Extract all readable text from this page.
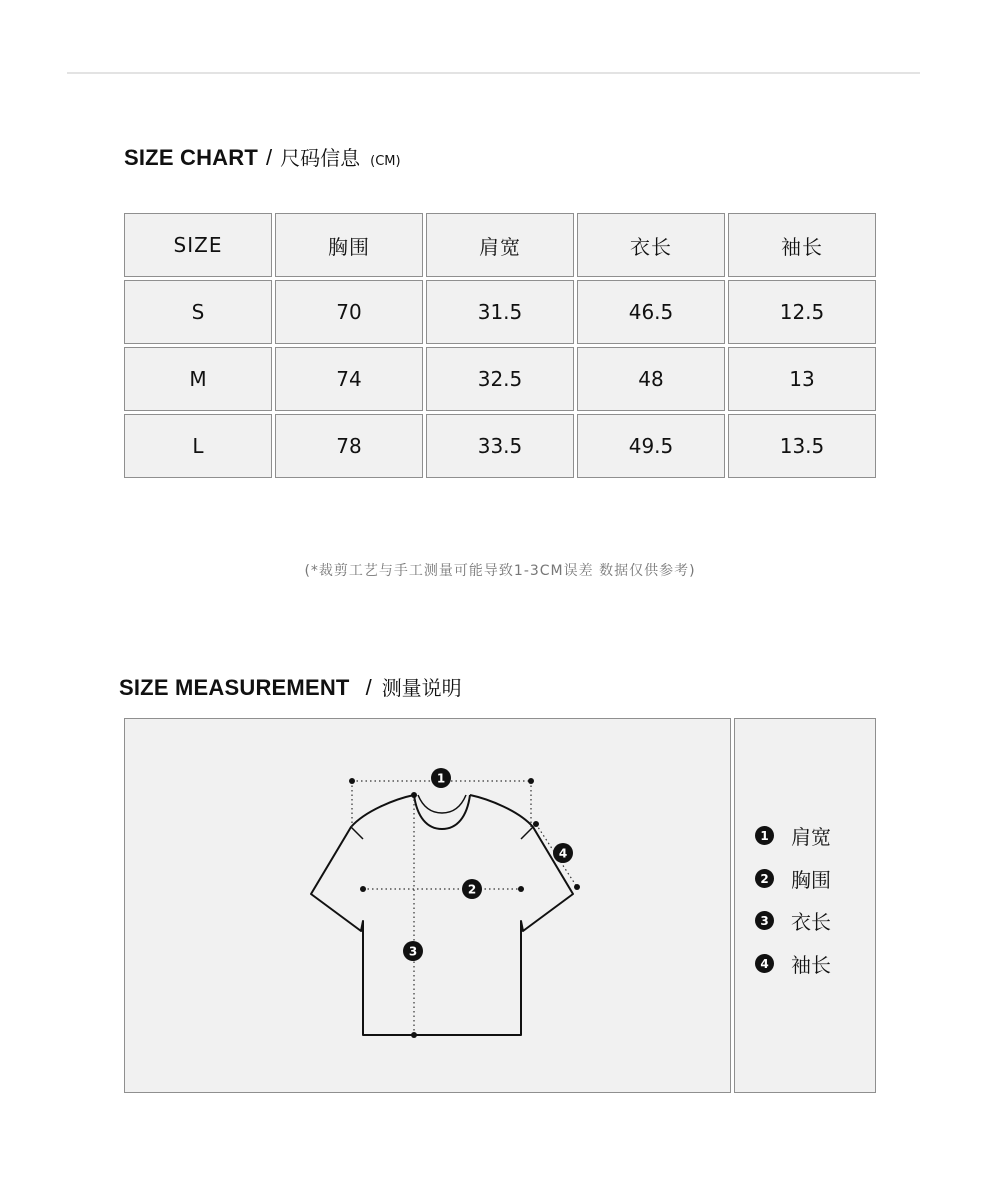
SIZE CHART / 尺码信息 (CM)
SIZE	胸围	肩宽	衣长	袖长
S	70	31.5	46.5	12.5
M	74	32.5	48	13
L	78	33.5	49.5	13.5
(*裁剪工艺与手工测量可能导致1-3CM误差 数据仅供参考)
SIZE MEASUREMENT / 测量说明
1
2
3
4
1 肩宽
2 胸围
3 衣长
4 袖长
